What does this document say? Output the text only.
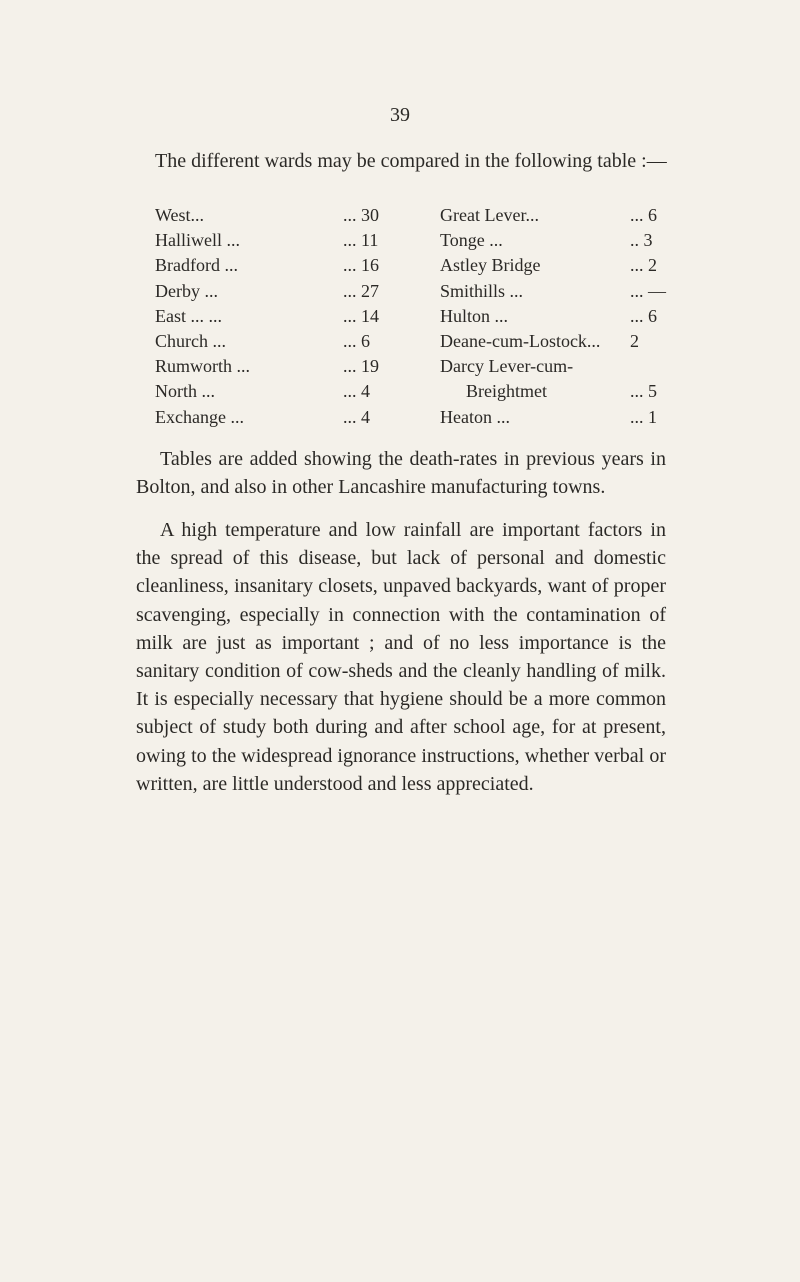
39
The different wards may be compared in the following table :—
West...	... 30	Great Lever...	... 6
Halliwell ...	... 11	Tonge ...	.. 3
Bradford ...	... 16	Astley Bridge	... 2
Derby ...	... 27	Smithills ...	... —
East ... ...	... 14	Hulton ...	... 6
Church ...	... 6	Deane-cum-Lostock...	2
Rumworth ...	... 19	Darcy Lever-cum-
North ...	... 4	Breightmet	... 5
Exchange ...	... 4	Heaton ...	... 1

Tables are added showing the death-rates in previous years in Bolton, and also in other Lancashire manufacturing towns.

A high temperature and low rainfall are important factors in the spread of this disease, but lack of personal and domestic cleanliness, insanitary closets, unpaved backyards, want of proper scavenging, especially in connection with the contamination of milk are just as important ; and of no less importance is the sanitary condition of cow-sheds and the cleanly handling of milk. It is especially necessary that hygiene should be a more common subject of study both during and after school age, for at present, owing to the widespread ignorance instructions, whether verbal or written, are little understood and less appreciated.
